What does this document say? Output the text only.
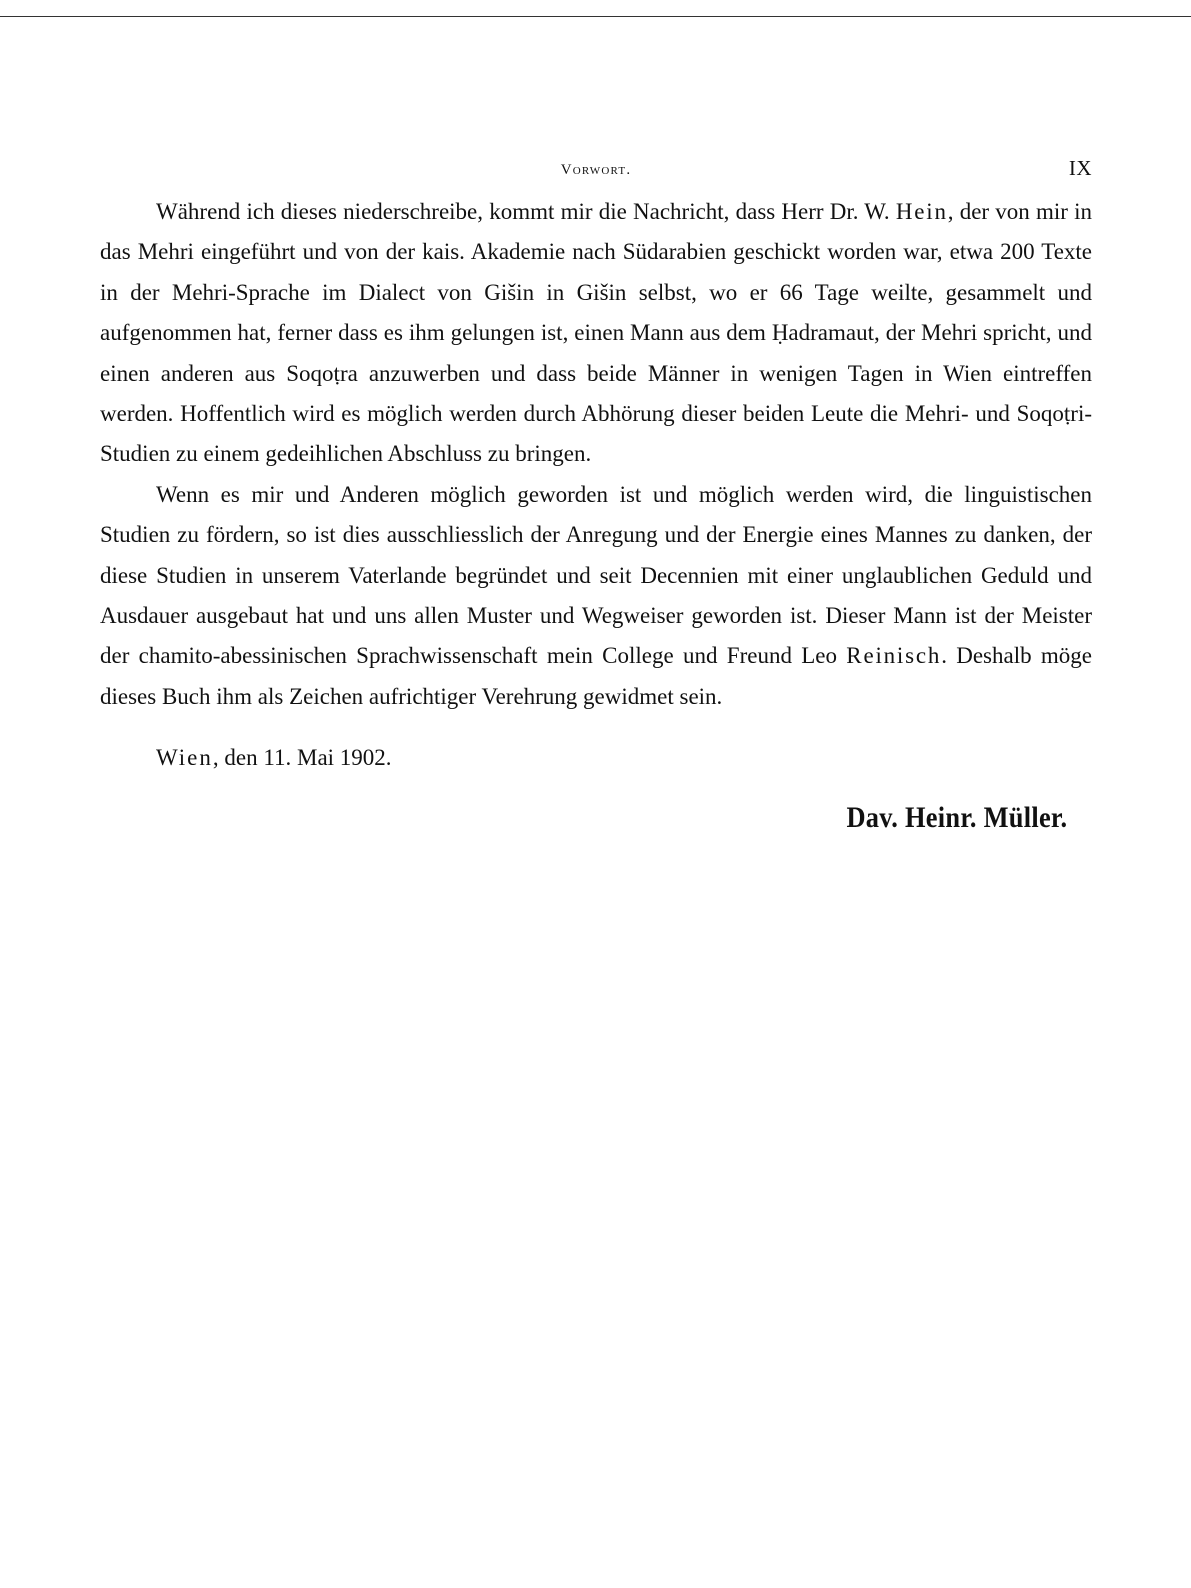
Vorwort.	IX

Während ich dieses niederschreibe, kommt mir die Nachricht, dass Herr Dr. W. Hein, der von mir in das Mehri eingeführt und von der kais. Akademie nach Südarabien geschickt worden war, etwa 200 Texte in der Mehri-Sprache im Dialect von Gišin in Gišin selbst, wo er 66 Tage weilte, gesammelt und aufgenommen hat, ferner dass es ihm gelungen ist, einen Mann aus dem Ḥadramaut, der Mehri spricht, und einen anderen aus Soqoṭra anzuwerben und dass beide Männer in wenigen Tagen in Wien eintreffen werden. Hoffentlich wird es möglich werden durch Abhörung dieser beiden Leute die Mehri- und Soqoṭri-Studien zu einem gedeihlichen Abschluss zu bringen.

Wenn es mir und Anderen möglich geworden ist und möglich werden wird, die linguistischen Studien zu fördern, so ist dies ausschliesslich der Anregung und der Energie eines Mannes zu danken, der diese Studien in unserem Vaterlande begründet und seit Decennien mit einer unglaublichen Geduld und Ausdauer ausgebaut hat und uns allen Muster und Wegweiser geworden ist. Dieser Mann ist der Meister der chamito-abessinischen Sprachwissenschaft mein College und Freund Leo Reinisch. Deshalb möge dieses Buch ihm als Zeichen aufrichtiger Verehrung gewidmet sein.

Wien, den 11. Mai 1902.
Dav. Heinr. Müller.
